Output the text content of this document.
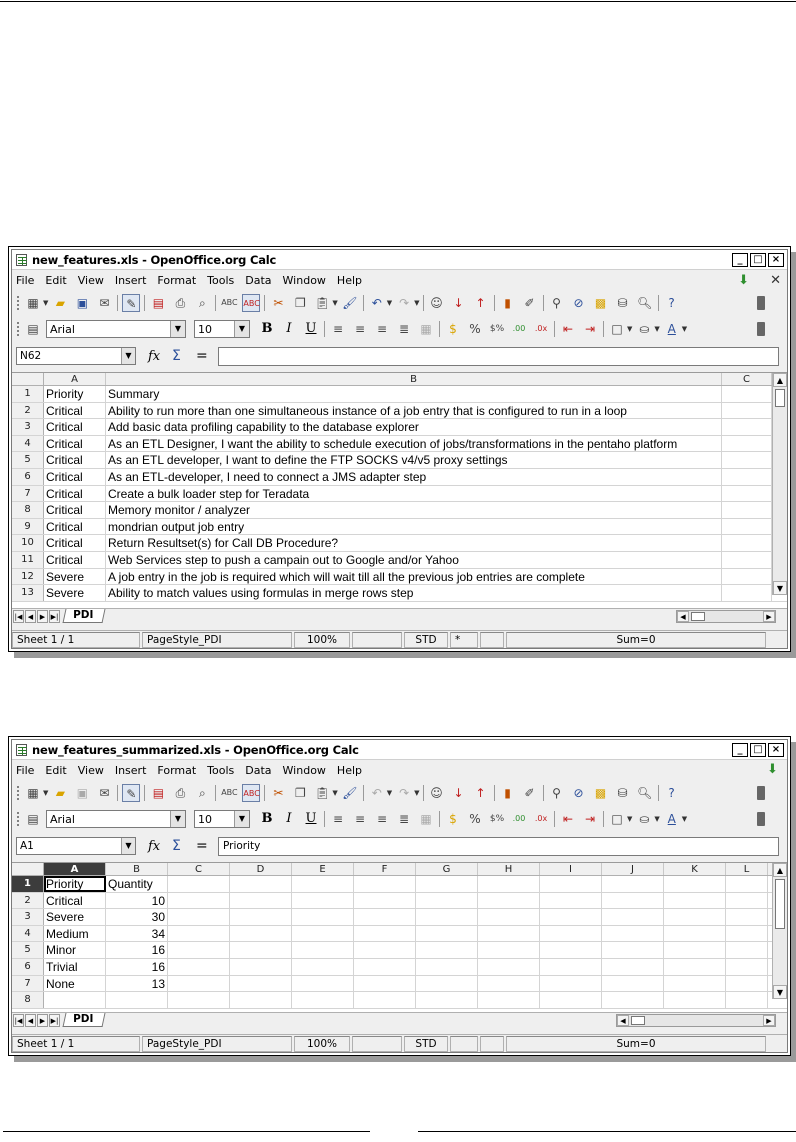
new_features.xls - OpenOffice.org Calc	_	□ ×
File Edit View Insert Format Tools Data Window Help	⬇ ✕
▦ ▼ ▰ ▣ ✉	✎	▤ ⎙	⌕	ABC ABC	✂ ❐ 📋︎ ▼ 🖌︎	↶ ▼ ↷ ▼ ☺ ↓ ↑	▮	✐	⚲	⊘ ▩ ⛁ 🔍︎	?
▤	Arial	▼	10	▼	B	I	U	≡ ≡ ≡ ≣ ▦	$	%	$%	.00	.0x	⇤ ⇥	□ ▼ ⛀ ▼ A ▼
N62	▼ fx Σ	=
A	B	C
1	Priority	Summary
2	Critical	Ability to run more than one simultaneous instance of a job entry that is configured to run in a loop
3	Critical	Add basic data profiling capability to the database explorer
4	Critical	As an ETL Designer, I want the ability to schedule execution of jobs/transformations in the pentaho platform
5	Critical	As an ETL developer, I want to define the FTP SOCKS v4/v5 proxy settings
6	Critical	As an ETL-developer, I need to connect a JMS adapter step
7	Critical	Create a bulk loader step for Teradata
8	Critical	Memory monitor / analyzer
9	Critical	mondrian output job entry
10	Critical	Return Resultset(s) for Call DB Procedure?
11	Critical	Web Services step to push a campain out to Google and/or Yahoo
12	Severe	A job entry in the job is required which will wait till all the previous job entries are complete
13	Severe	Ability to match values using formulas in merge rows step
▲
▼
|◀ ◀ ▶ ▶|	PDI	◀	▶
Sheet 1 / 1	PageStyle_PDI	100%	STD	*	Sum=0
new_features_summarized.xls - OpenOffice.org Calc	_	□ ×
File Edit View Insert Format Tools Data Window Help	⬇
▦ ▼ ▰ ▣ ✉	✎	▤ ⎙	⌕	ABC ABC	✂ ❐ 📋︎ ▼ 🖌︎	↶ ▼ ↷ ▼ ☺ ↓ ↑	▮	✐	⚲	⊘ ▩ ⛁ 🔍︎	?
▤	Arial	▼	10	▼	B	I	U	≡ ≡ ≡ ≣ ▦	$	%	$%	.00	.0x	⇤ ⇥	□ ▼ ⛀ ▼ A ▼
A1	▼ fx Σ	=	Priority
A	B	C	D	E	F	G	H	I	J	K	L
1	Priority	Quantity
2	Critical	10
3	Severe	30
4	Medium	34
5	Minor	16
6	Trivial	16
7	None	13
8
▲
▼
|◀ ◀ ▶ ▶|	PDI	◀	▶
Sheet 1 / 1	PageStyle_PDI	100%	STD	Sum=0
